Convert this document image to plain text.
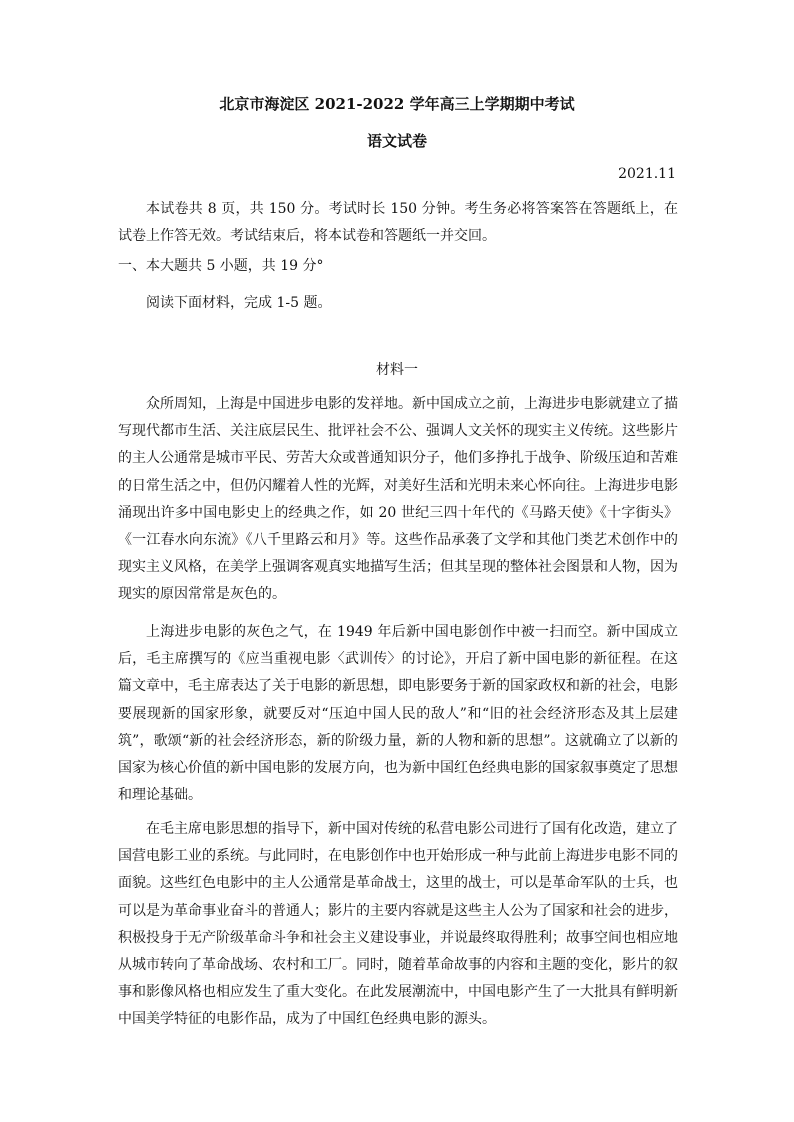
北京市海淀区 2021-2022 学年高三上学期期中考试
语文试卷
2021.11

本试卷共 8 页，共 150 分。考试时长 150 分钟。考生务必将答案答在答题纸上，在试卷上作答无效。考试结束后，将本试卷和答题纸一并交回。

一、本大题共 5 小题，共 19 分°

阅读下面材料，完成 1-5 题。

材料一

众所周知，上海是中国进步电影的发祥地。新中国成立之前，上海进步电影就建立了描写现代都市生活、关注底层民生、批评社会不公、强调人文关怀的现实主义传统。这些影片的主人公通常是城市平民、劳苦大众或普通知识分子，他们多挣扎于战争、阶级压迫和苦难的日常生活之中，但仍闪耀着人性的光辉，对美好生活和光明未来心怀向往。上海进步电影涌现出许多中国电影史上的经典之作，如 20 世纪三四十年代的《马路天使》《十字街头》《一江春水向东流》《八千里路云和月》等。这些作品承袭了文学和其他门类艺术创作中的现实主义风格，在美学上强调客观真实地描写生活；但其呈现的整体社会图景和人物，因为现实的原因常常是灰色的。

上海进步电影的灰色之气，在 1949 年后新中国电影创作中被一扫而空。新中国成立后，毛主席撰写的《应当重视电影〈武训传〉的讨论》，开启了新中国电影的新征程。在这篇文章中，毛主席表达了关于电影的新思想，即电影要务于新的国家政权和新的社会，电影要展现新的国家形象，就要反对“压迫中国人民的敌人”和“旧的社会经济形态及其上层建筑”，歌颂“新的社会经济形态，新的阶级力量，新的人物和新的思想”。这就确立了以新的国家为核心价值的新中国电影的发展方向，也为新中国红色经典电影的国家叙事奠定了思想和理论基础。

在毛主席电影思想的指导下，新中国对传统的私营电影公司进行了国有化改造，建立了国营电影工业的系统。与此同时，在电影创作中也开始形成一种与此前上海进步电影不同的面貌。这些红色电影中的主人公通常是革命战士，这里的战士，可以是革命军队的士兵，也可以是为革命事业奋斗的普通人；影片的主要内容就是这些主人公为了国家和社会的进步，积极投身于无产阶级革命斗争和社会主义建设事业，并说最终取得胜利；故事空间也相应地从城市转向了革命战场、农村和工厂。同时，随着革命故事的内容和主题的变化，影片的叙事和影像风格也相应发生了重大变化。在此发展潮流中，中国电影产生了一大批具有鲜明新中国美学特征的电影作品，成为了中国红色经典电影的源头。
